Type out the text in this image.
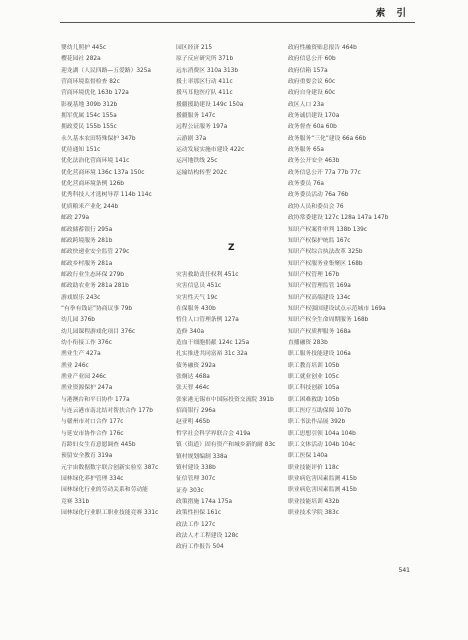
索 引
婴幼儿照护 445c
樱花园社 282a
迎龙湖（人民四路—五爱路）325a
营商环境监督检查 82c
营商环境优化 163b 172a
影视基地 309b 312b
拥军优属 154c 155a
拥政爱民 155b 155c
永久基本农田特殊保护 347b
优待通知 151c
优化法治化营商环境 141c
优化营商环境 136c 137a 150c
优化营商环境条例 126b
优秀科技人才选树导荐 114b 114c
优质粮米产业化 244b
邮政 279a
邮政储蓄银行 295a
邮政跨境服务 281b
邮政快递业安全监管 279c
邮政乡村服务 281a
邮政行业生态环保 279b
邮政助农业务 281a 281b
游戏娱乐 243c
“有拳有钱证”协商议事 79b
幼儿园 376b
幼儿园课程游戏化项目 376c
幼小衔接工作 376c
渔业生产 427a
渔业 246c
渔业产业园 246c
渔业资源保护 247a
与港澳台和平日协作 177a
与连云港市南北结对帮扶合作 177b
与赣州市对口合作 177c
与延安市协作合作 176c
育龄妇女生育意愿调查 445b
预留安全教育 319a
元宇宙数据数字联合创新实验室 387c
园林绿化养护管理 334c
园林绿化行业的劳动关系和劳动能
竞赛 331b
园林绿化行业职工职业技能竞赛 331c
园区经济 215
原子反应研究所 371b
远东消费区 310a 313b
援土率那区行动 411c
援马耳他医疗队 411c
援疆援助建设 149c 150a
援疆服务 147c
远程公证服务 197a
云游剧 37a
运动发展实施市建设 422c
运河地铁线 25c
运输结构转型 202c
Z
灾害救助责任权利 451c
灾害信息员 451c
灾害性天气 19c
在保服务 430b
暂住人口管理条例 127a
造修 340a
造血干细胞捐献 124c 125a
扎实推进共同富裕 31c 32a
债务融资 292a
张炯达 468a
张天智 464c
张家港无锡市中国际投资交流院 391b
招商银行 296a
赵亚明 465b
哲学社会科学界联合会 419a
镇（街道）固有资产和城乡新的耐 83c
镇村规划编制 338a
镇村建设 338b
征信管理 307c
证券 303c
政策措施 174a 175a
政策性担保 161c
政法工作 127c
政法人才工程建设 128c
政府工作报告 504
政府性融资贴息报告 464b
政府信息公开 60b
政府信箱 157a
政府重要会议 60c
政府自身建设 60c
政区人口 23a
政务诚信建设 170a
政务督查 60a 60b
政务服务“三化”建设 66a 66b
政务服务 65a
政务公开安全 463b
政务信息公开 77a 77b 77c
政务委员 76a
政务委员活动 76a 76b
政协人员和委员会 76
政协常委建设 127c 128a 147a 147b
知识产权案件审判 138b 139c
知识产权保护统监 167c
知识产权综合执法改革 325b
知识产权服务业集聚区 168b
知识产权管理 167b
知识产权管理监管 169a
知识产权高端建设 134c
知识产权强国建设试点示范城市 169a
知识产权全生命周期服务 168b
知识产权质押服务 168a
直播融资 283b
职工服务技能建设 106a
职工教育培训 105b
职工就业创业 105c
职工科技创新 105a
职工困难救助 105b
职工医疗互助保障 107b
职工书法作品展 392b
职工思想引领 104a 104b
职工文体活动 104b 104c
职工医保 140a
职业技能评价 118c
职业病危害因素监测 415b
职业病危害因素监测 415b
职业技能培训 432b
职业技术学院 383c
541
